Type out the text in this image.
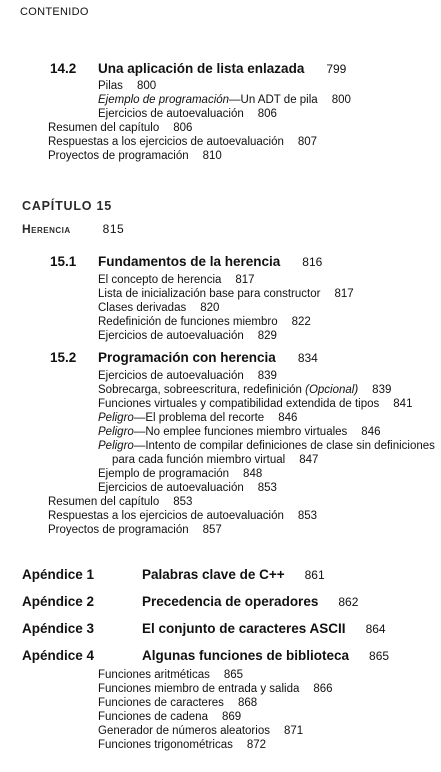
CONTENIDO
14.2 Una aplicación de lista enlazada 799
Pilas 800
Ejemplo de programación—Un ADT de pila 800
Ejercicios de autoevaluación 806
Resumen del capítulo 806
Respuestas a los ejercicios de autoevaluación 807
Proyectos de programación 810
CAPÍTULO 15
Herencia	815
15.1 Fundamentos de la herencia 816
El concepto de herencia 817
Lista de inicialización base para constructor 817
Clases derivadas 820
Redefinición de funciones miembro 822
Ejercicios de autoevaluación 829
15.2 Programación con herencia 834
Ejercicios de autoevaluación 839
Sobrecarga, sobreescritura, redefinición (Opcional) 839
Funciones virtuales y compatibilidad extendida de tipos 841
Peligro—El problema del recorte 846
Peligro—No emplee funciones miembro virtuales 846
Peligro—Intento de compilar definiciones de clase sin definiciones
para cada función miembro virtual 847
Ejemplo de programación 848
Ejercicios de autoevaluación 853
Resumen del capítulo 853
Respuestas a los ejercicios de autoevaluación 853
Proyectos de programación 857
Apéndice 1	Palabras clave de C++ 861
Apéndice 2	Precedencia de operadores 862
Apéndice 3	El conjunto de caracteres ASCII 864
Apéndice 4	Algunas funciones de biblioteca 865
Funciones aritméticas 865
Funciones miembro de entrada y salida 866
Funciones de caracteres 868
Funciones de cadena 869
Generador de números aleatorios 871
Funciones trigonométricas 872
